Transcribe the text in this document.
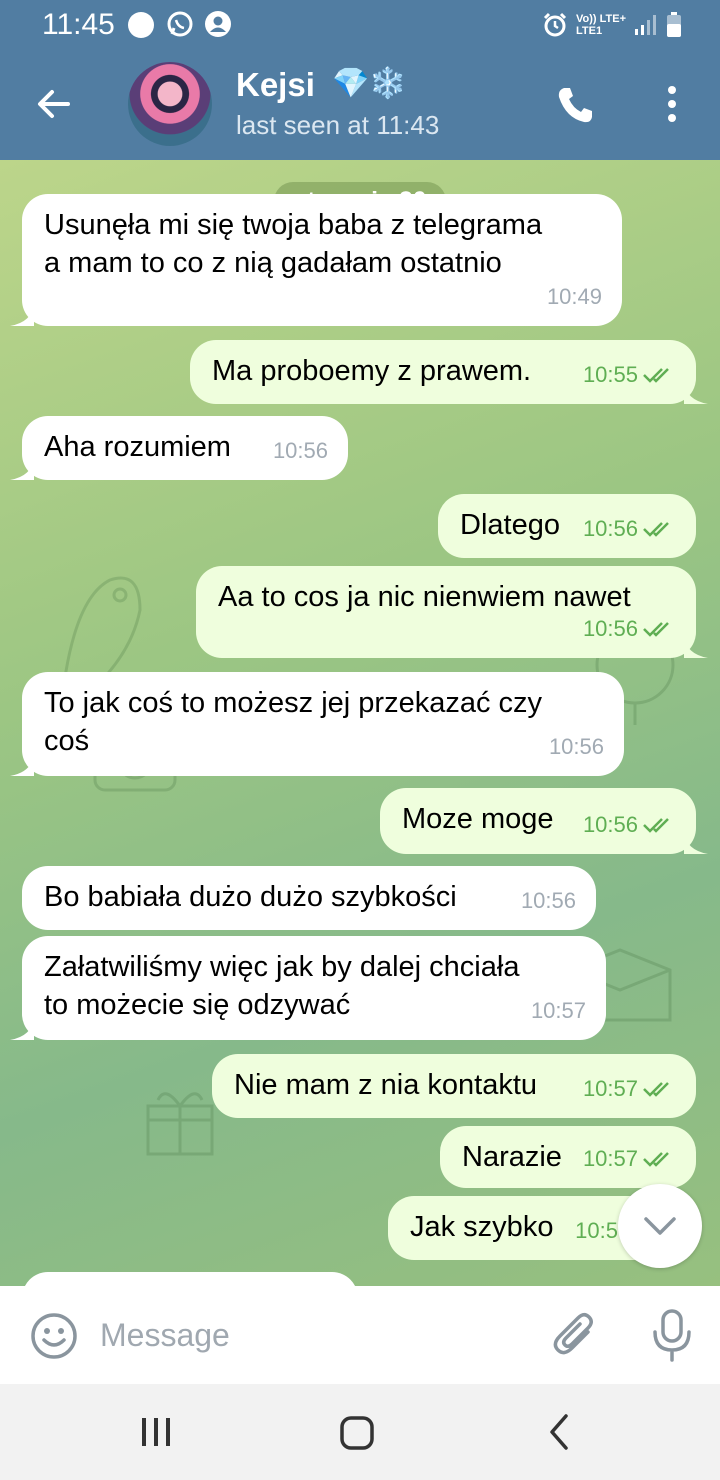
11:45	Vo)) LTE+
LTE1
Kejsi 💎❄️
last seen at 11:43
Usunęła mi się twoja baba z telegrama
a mam to co z nią gadałam ostatnio
10:49
Ma proboemy z prawem.	10:55
Aha rozumiem	10:56
Dlatego	10:56
Aa to cos ja nic nienwiem nawet
10:56
To jak coś to możesz jej przekazać czy
coś	10:56
Moze moge	10:56
Bo babiała dużo dużo szybkości	10:56
Załatwiliśmy więc jak by dalej chciała
to możecie się odzywać	10:57
Nie mam z nia kontaktu	10:57
Narazie 10:57
Jak szybko 10:5
Message
